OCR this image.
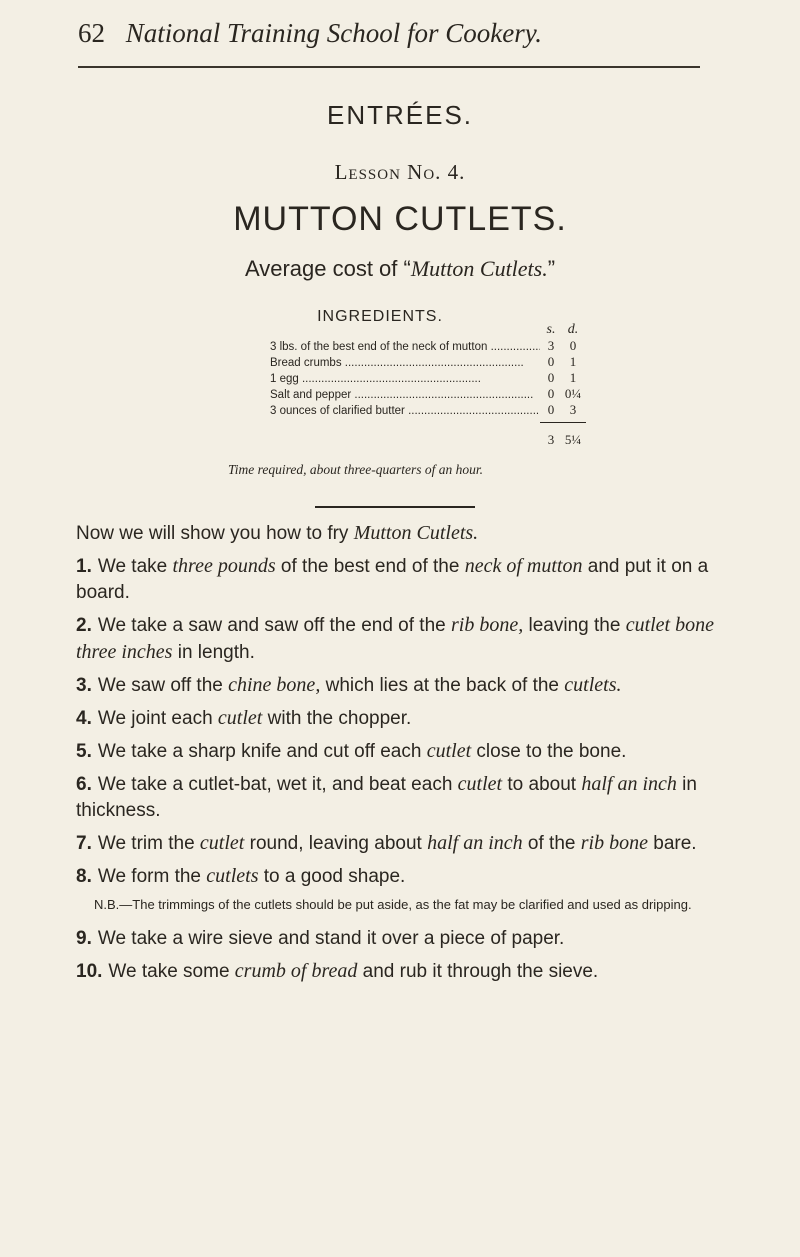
62 National Training School for Cookery.
ENTRÉES.
Lesson No. 4.
MUTTON CUTLETS.
Average cost of “Mutton Cutlets.”
INGREDIENTS.
s. d.
3 lbs. of the best end of the neck of mutton .....	3	0
Bread crumbs .....	0	1
1 egg .....	0	1
Salt and pepper .....	0 0¼
3 ounces of clarified butter .....	0	3
3 5¼
Time required, about three-quarters of an hour.

Now we will show you how to fry Mutton Cutlets.

1. We take three pounds of the best end of the neck of mutton and put it on a board.

2. We take a saw and saw off the end of the rib bone, leaving the cutlet bone three inches in length.

3. We saw off the chine bone, which lies at the back of the cutlets.

4. We joint each cutlet with the chopper.

5. We take a sharp knife and cut off each cutlet close to the bone.

6. We take a cutlet-bat, wet it, and beat each cutlet to about half an inch in thickness.

7. We trim the cutlet round, leaving about half an inch of the rib bone bare.

8. We form the cutlets to a good shape.

N.B.—The trimmings of the cutlets should be put aside, as the fat may be clarified and used as dripping.

9. We take a wire sieve and stand it over a piece of paper.

10. We take some crumb of bread and rub it through the sieve.
